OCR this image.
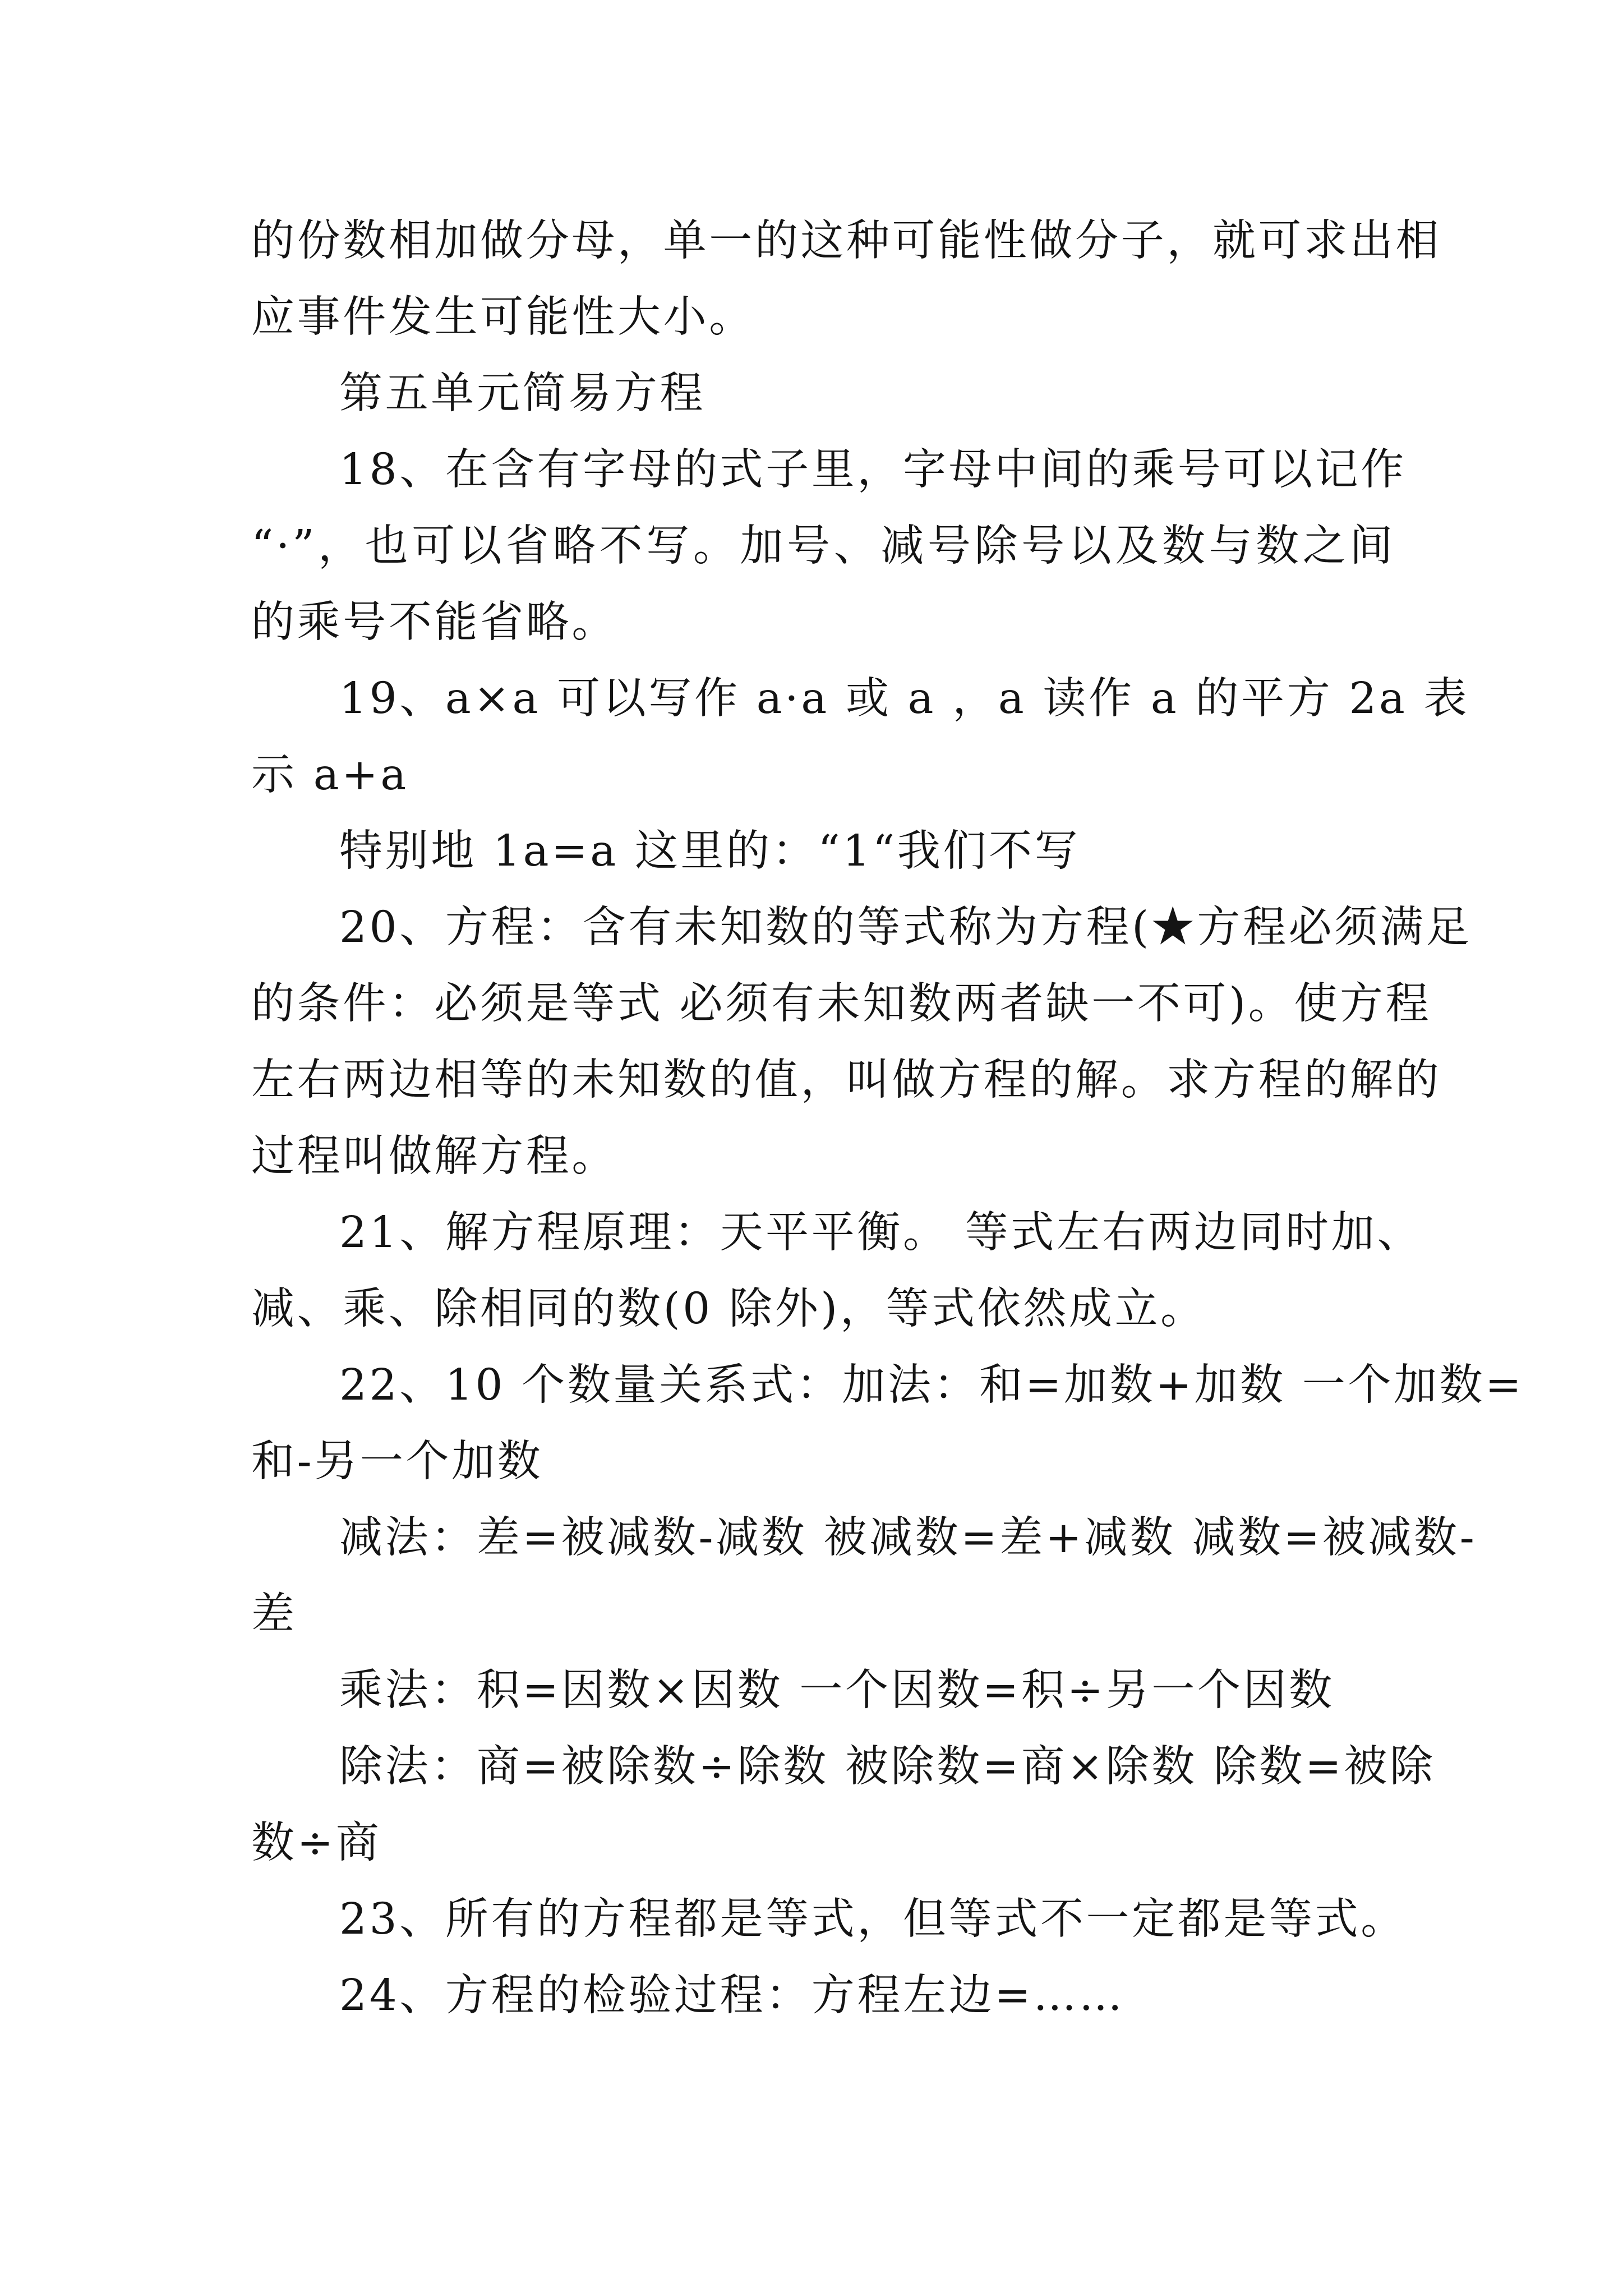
的份数相加做分母，单一的这种可能性做分子，就可求出相
应事件发生可能性大小。
第五单元简易方程
18、在含有字母的式子里，字母中间的乘号可以记作
“·”，也可以省略不写。加号、减号除号以及数与数之间
的乘号不能省略。
19、a×a 可以写作 a·a 或 a ，a 读作 a 的平方 2a 表
示 a+a
特别地 1a=a 这里的：“1“我们不写
20、方程：含有未知数的等式称为方程(★方程必须满足
的条件：必须是等式 必须有未知数两者缺一不可)。使方程
左右两边相等的未知数的值，叫做方程的解。求方程的解的
过程叫做解方程。
21、解方程原理：天平平衡。 等式左右两边同时加、
减、乘、除相同的数(0 除外)，等式依然成立。
22、10 个数量关系式：加法：和=加数+加数 一个加数=
和-另一个加数
减法：差=被减数-减数 被减数=差+减数 减数=被减数-
差
乘法：积=因数×因数 一个因数=积÷另一个因数
除法：商=被除数÷除数 被除数=商×除数 除数=被除
数÷商
23、所有的方程都是等式，但等式不一定都是等式。
24、方程的检验过程：方程左边=……
